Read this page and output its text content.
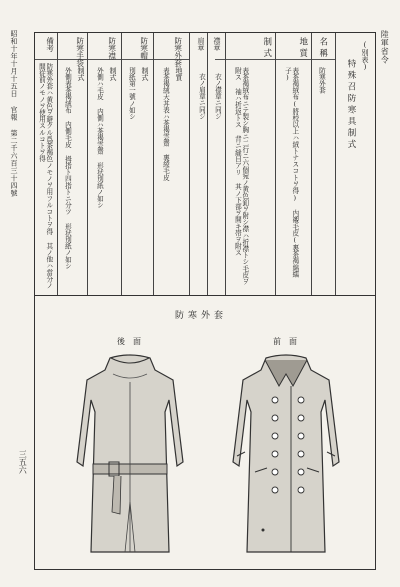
昭和十年十月十五日 官報 第二千六百三十四號	陸軍省令
三五六
(別表)
特殊召防寒具制式
名稱
防寒外套
地質
表茶褐絨布(將校以上ハ絨トナスコトヲ得) 内襯毛皮(裏茶褐綿繻子)
制式
表茶褐絨布ニテ製シ胸ニ二行ニ六個宛ノ黄色釦ヲ附シ襟ハ折襟トシ毛皮ヲ附ス 袖ハ折返トス 背ニ縫目アリ 其ノ下部ヲ開キ帯ヲ附ス
襟章
衣ノ襟章ニ同ジ
肩章
衣ノ肩章ニ同ジ
防寒外套
地質
表茶褐絨天丼表ハ茶褐雲齋 裏綾毛皮
防寒帽
制式
別紙第一號ノ如シ
防寒襟
制式
外側ハ毛皮 内側ハ茶褐雲齋 形状別紙ノ如シ
防寒手袋
制式
外側表茶褐絨布 内側毛皮 拇指ト四指トニ分ツ 形状別紙ノ如シ
備考
防寒外套ハ黄色ヲ避クル爲茶褐色ノモノヲ用フルコトヲ得 其ノ他ハ當分ノ間從前ノモノヲ使用スルコトヲ得
防寒外套
後面	前面
